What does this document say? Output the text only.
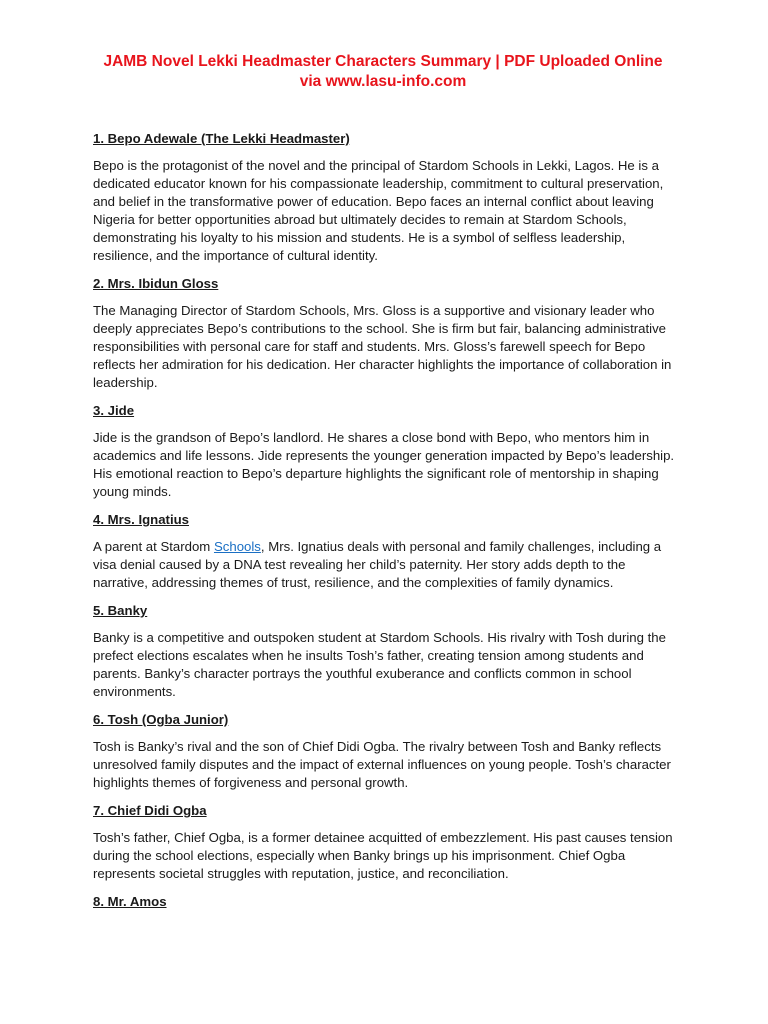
JAMB Novel Lekki Headmaster Characters Summary | PDF Uploaded Online via www.lasu-info.com
1. Bepo Adewale (The Lekki Headmaster)

Bepo is the protagonist of the novel and the principal of Stardom Schools in Lekki, Lagos. He is a dedicated educator known for his compassionate leadership, commitment to cultural preservation, and belief in the transformative power of education. Bepo faces an internal conflict about leaving Nigeria for better opportunities abroad but ultimately decides to remain at Stardom Schools, demonstrating his loyalty to his mission and students. He is a symbol of selfless leadership, resilience, and the importance of cultural identity.

2. Mrs. Ibidun Gloss

The Managing Director of Stardom Schools, Mrs. Gloss is a supportive and visionary leader who deeply appreciates Bepo’s contributions to the school. She is firm but fair, balancing administrative responsibilities with personal care for staff and students. Mrs. Gloss’s farewell speech for Bepo reflects her admiration for his dedication. Her character highlights the importance of collaboration in leadership.

3. Jide

Jide is the grandson of Bepo’s landlord. He shares a close bond with Bepo, who mentors him in academics and life lessons. Jide represents the younger generation impacted by Bepo’s leadership. His emotional reaction to Bepo’s departure highlights the significant role of mentorship in shaping young minds.

4. Mrs. Ignatius

A parent at Stardom Schools, Mrs. Ignatius deals with personal and family challenges, including a visa denial caused by a DNA test revealing her child’s paternity. Her story adds depth to the narrative, addressing themes of trust, resilience, and the complexities of family dynamics.

5. Banky

Banky is a competitive and outspoken student at Stardom Schools. His rivalry with Tosh during the prefect elections escalates when he insults Tosh’s father, creating tension among students and parents. Banky’s character portrays the youthful exuberance and conflicts common in school environments.

6. Tosh (Ogba Junior)

Tosh is Banky’s rival and the son of Chief Didi Ogba. The rivalry between Tosh and Banky reflects unresolved family disputes and the impact of external influences on young people. Tosh’s character highlights themes of forgiveness and personal growth.

7. Chief Didi Ogba

Tosh’s father, Chief Ogba, is a former detainee acquitted of embezzlement. His past causes tension during the school elections, especially when Banky brings up his imprisonment. Chief Ogba represents societal struggles with reputation, justice, and reconciliation.

8. Mr. Amos
